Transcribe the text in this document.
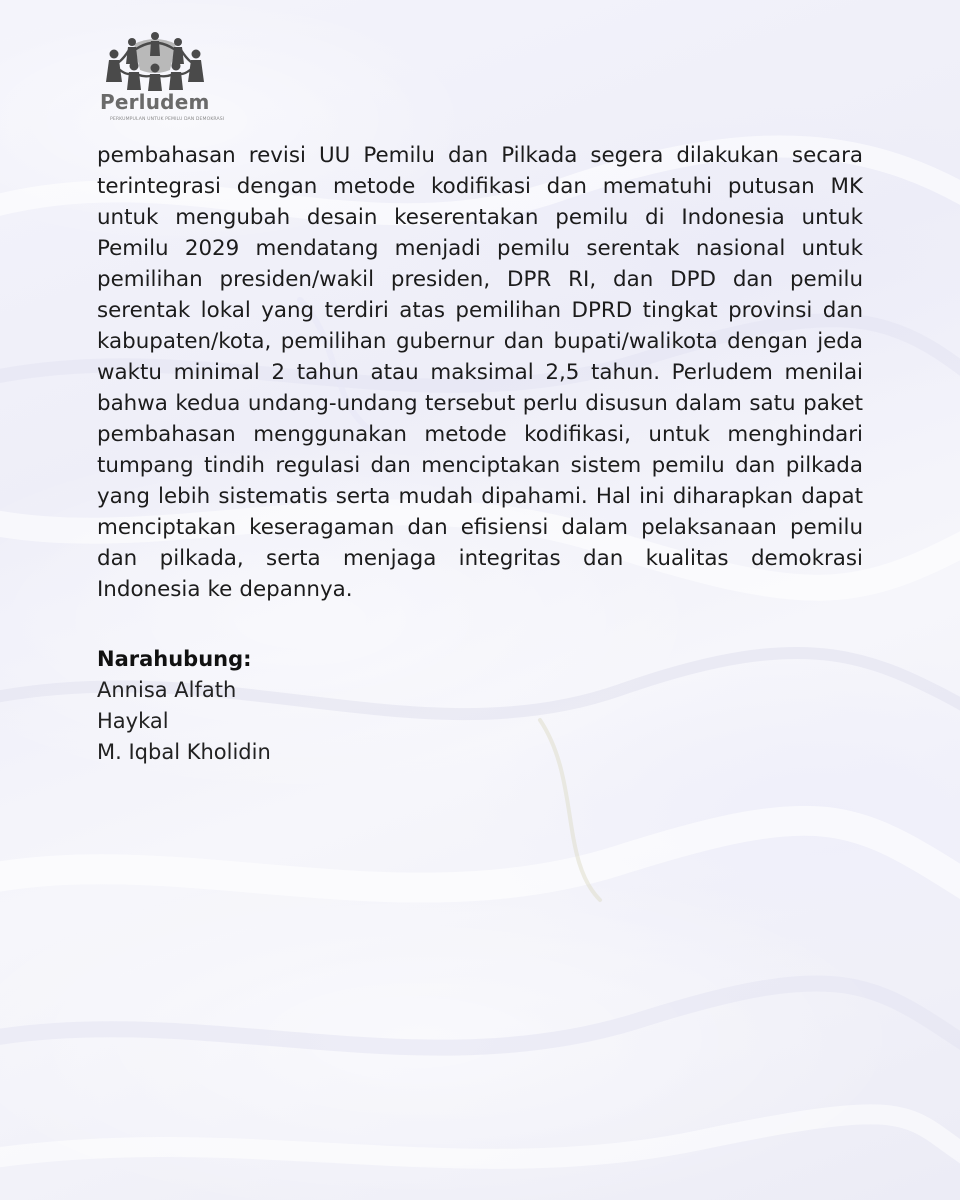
Perludem
PERKUMPULAN UNTUK PEMILU DAN DEMOKRASI

pembahasan revisi UU Pemilu dan Pilkada segera dilakukan secara terintegrasi dengan metode kodifikasi dan mematuhi putusan MK untuk mengubah desain keserentakan pemilu di Indonesia untuk Pemilu 2029 mendatang menjadi pemilu serentak nasional untuk pemilihan presiden/wakil presiden, DPR RI, dan DPD dan pemilu serentak lokal yang terdiri atas pemilihan DPRD tingkat provinsi dan kabupaten/kota, pemilihan gubernur dan bupati/walikota dengan jeda waktu minimal 2 tahun atau maksimal 2,5 tahun. Perludem menilai bahwa kedua undang-undang tersebut perlu disusun dalam satu paket pembahasan menggunakan metode kodifikasi, untuk menghindari tumpang tindih regulasi dan menciptakan sistem pemilu dan pilkada yang lebih sistematis serta mudah dipahami. Hal ini diharapkan dapat menciptakan keseragaman dan efisiensi dalam pelaksanaan pemilu dan pilkada, serta menjaga integritas dan kualitas demokrasi Indonesia ke depannya.

Narahubung:
Annisa Alfath
Haykal
M. Iqbal Kholidin
